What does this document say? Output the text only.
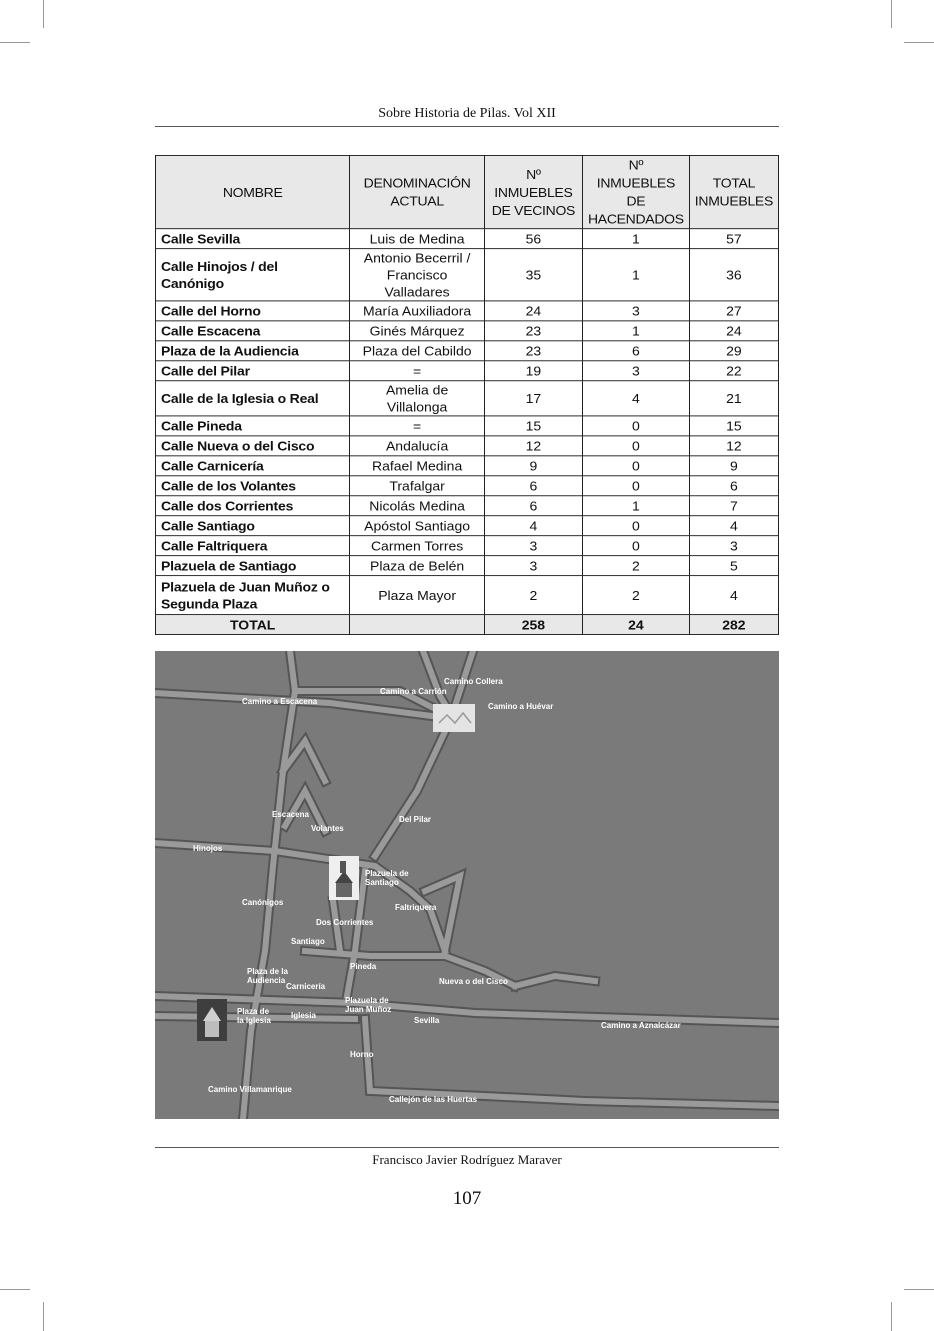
Sobre Historia de Pilas. Vol XII
NOMBRE	DENOMINACIÓN ACTUAL	Nº INMUEBLES DE VECINOS	Nº INMUEBLES DE HACENDADOS	TOTAL INMUEBLES
Calle Sevilla	Luis de Medina	56	1	57
Calle Hinojos / del Canónigo	Antonio Becerril / Francisco Valladares	35	1	36
Calle del Horno	María Auxiliadora	24	3	27
Calle Escacena	Ginés Márquez	23	1	24
Plaza de la Audiencia	Plaza del Cabildo	23	6	29
Calle del Pilar	=	19	3	22
Calle de la Iglesia o Real	Amelia de Villalonga	17	4	21
Calle Pineda	=	15	0	15
Calle Nueva o del Cisco	Andalucía	12	0	12
Calle Carnicería	Rafael Medina	9	0	9
Calle de los Volantes	Trafalgar	6	0	6
Calle dos Corrientes	Nicolás Medina	6	1	7
Calle Santiago	Apóstol Santiago	4	0	4
Calle Faltriquera	Carmen Torres	3	0	3
Plazuela de Santiago	Plaza de Belén	3	2	5
Plazuela de Juan Muñoz o Segunda Plaza	Plaza Mayor	2	2	4
TOTAL		258	24	282
Camino a Escacena
Camino a Carrión
Camino Collera
Camino a Huévar
Escacena
Volantes
Del Pilar
Hinojos
Plazuela de
Santiago
Canónigos
Faltriquera
Dos Corrientes
Santiago
Pineda
Plaza de la
Audiencia
Carnicería
Nueva o del Cisco
Plazuela de
Juan Muñoz
Plaza de
la Iglesia
Iglesia
Sevilla
Camino a Aznalcázar
Horno
Camino Villamanrique
Callejón de las Huertas
Francisco Javier Rodríguez Maraver
107
